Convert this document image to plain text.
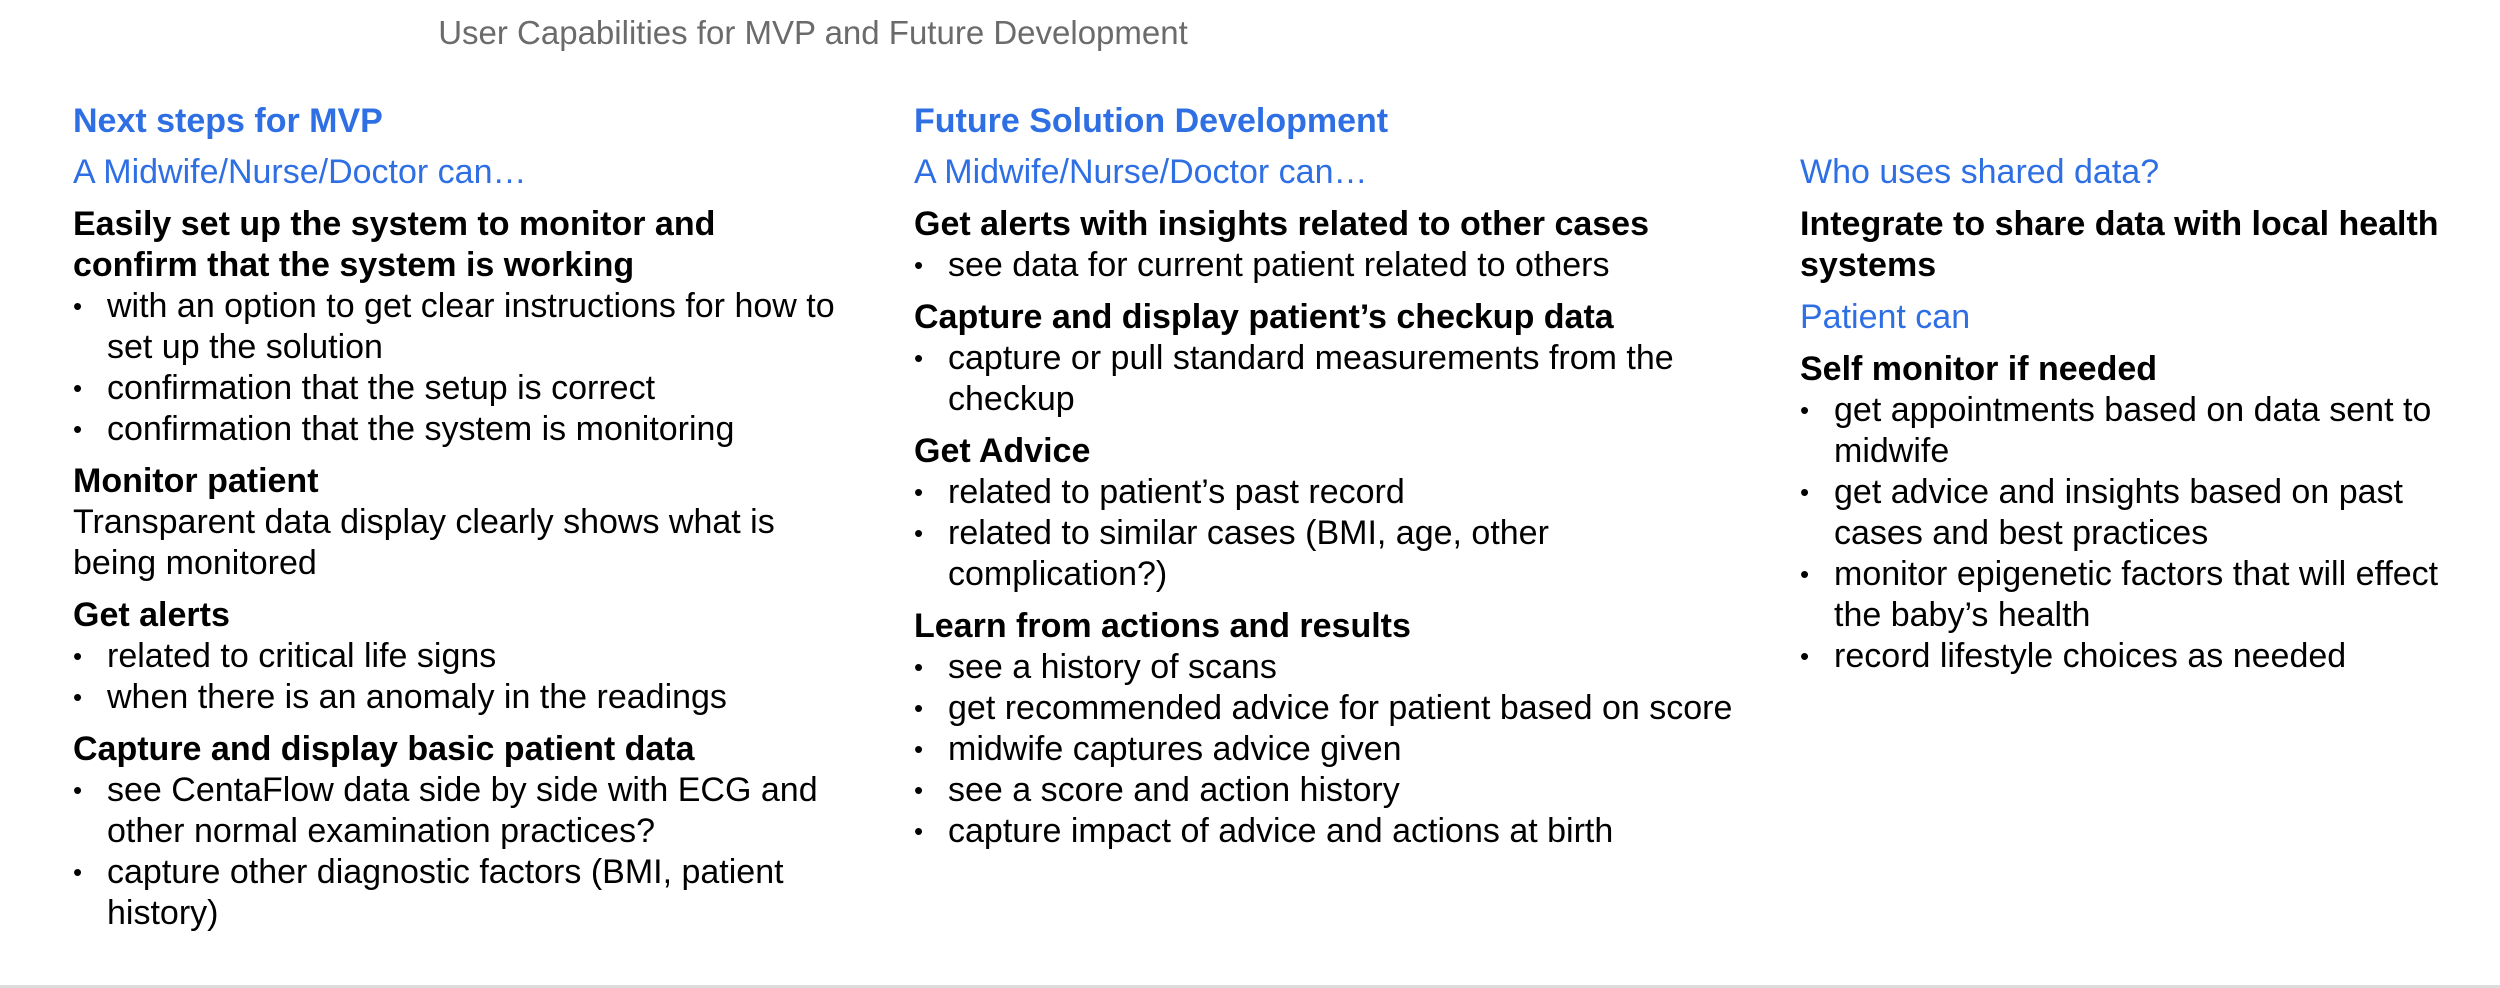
User Capabilities for MVP and Future Development
Next steps for MVP
A Midwife/Nurse/Doctor can…
Easily set up the system to monitor and confirm that the system is working
• with an option to get clear instructions for how to set up the solution
• confirmation that the setup is correct
• confirmation that the system is monitoring
Monitor patient
Transparent data display clearly shows what is being monitored
Get alerts
• related to critical life signs
• when there is an anomaly in the readings
Capture and display basic patient data
• see CentaFlow data side by side with ECG and other normal examination practices?
• capture other diagnostic factors (BMI, patient history)
Future Solution Development
A Midwife/Nurse/Doctor can…
Get alerts with insights related to other cases
• see data for current patient related to others
Capture and display patient’s checkup data
• capture or pull standard measurements from the checkup
Get Advice
• related to patient’s past record
• related to similar cases (BMI, age, other complication?)
Learn from actions and results
• see a history of scans
• get recommended advice for patient based on score
• midwife captures advice given
• see a score and action history
• capture impact of advice and actions at birth
Who uses shared data?
Integrate to share data with local health systems
Patient can
Self monitor if needed
• get appointments based on data sent to midwife
• get advice and insights based on past cases and best practices
• monitor epigenetic factors that will effect the baby’s health
• record lifestyle choices as needed
